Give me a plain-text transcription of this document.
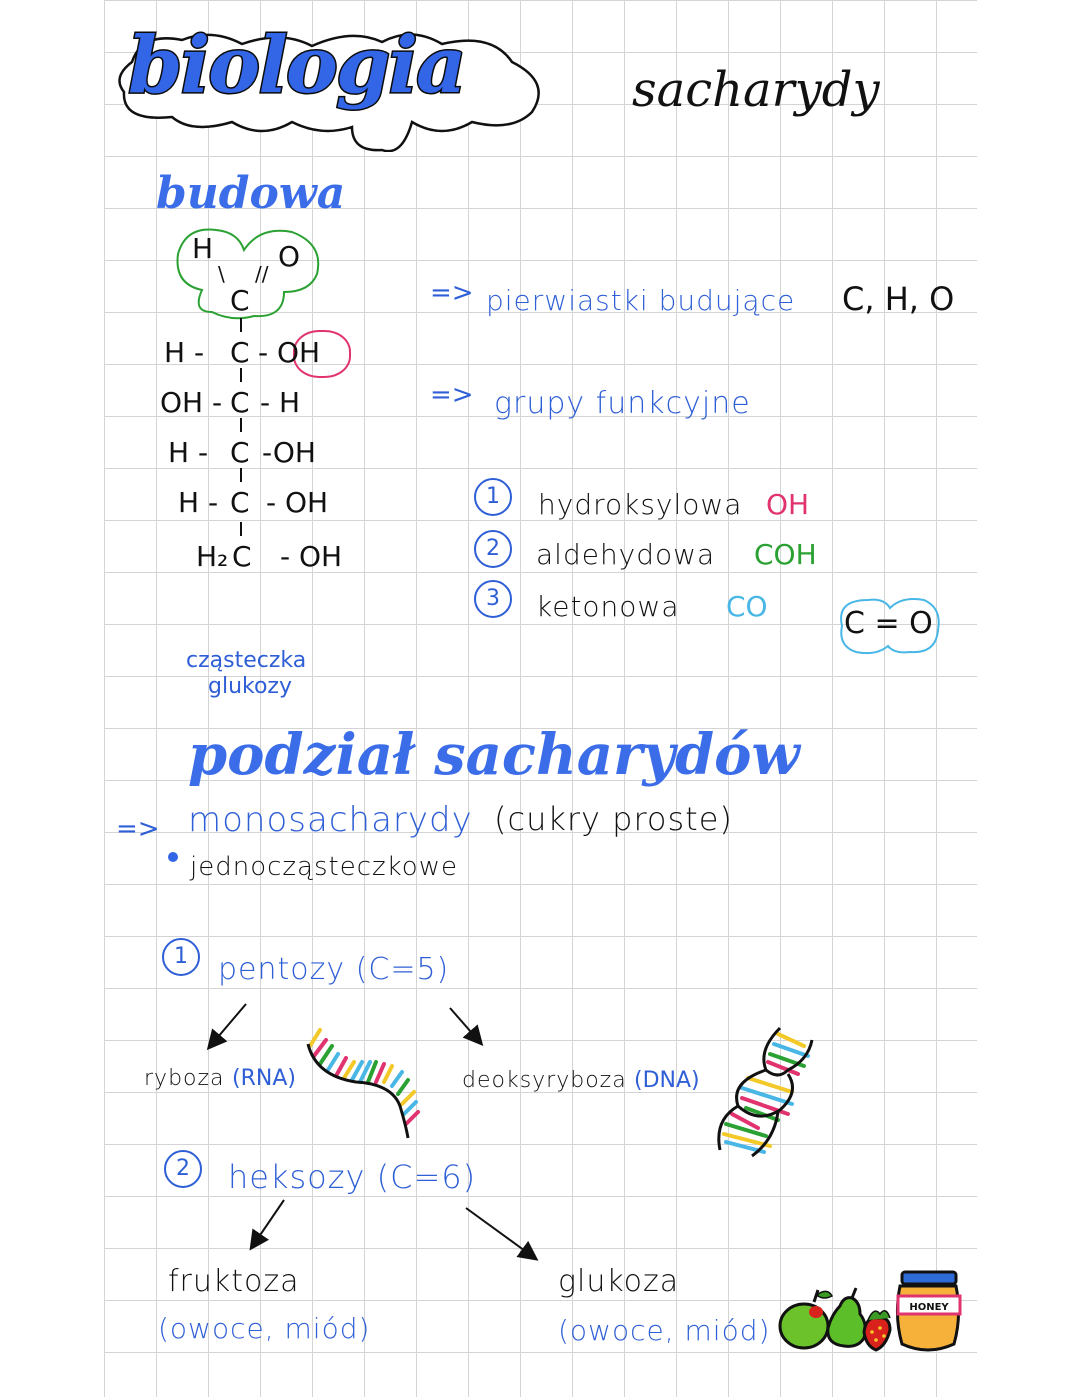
biologia	sacharydy
budowa
H O
\ //
C
H - C - OH
OH - C - H
H - C -OH
H - C - OH
H₂ C - OH
cząsteczka
glukozy
=> pierwiastki budujące C, H, O
=> grupy funkcyjne
1	hydroksylowa OH
2	aldehydowa COH
3	ketonowa CO	C = O
podział sacharydów
=> monosacharydy (cukry proste)
jednocząsteczkowe
1	pentozy (C=5)
ryboza (RNA)	deoksyryboza (DNA)
2	heksozy (C=6)
fruktoza
(owoce, miód)
glukoza
(owoce, miód)
HONEY
